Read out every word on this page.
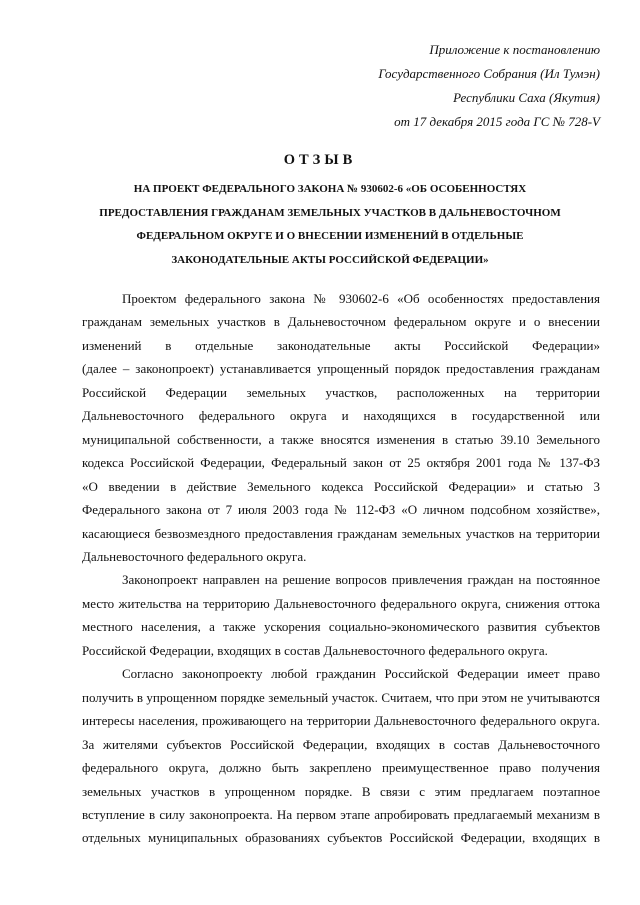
Приложение к постановлению
Государственного Собрания (Ил Тумэн)
Республики Саха (Якутия)
от 17 декабря 2015 года ГС № 728-V
ОТЗЫВ
НА ПРОЕКТ ФЕДЕРАЛЬНОГО ЗАКОНА № 930602-6 «ОБ ОСОБЕННОСТЯХ
ПРЕДОСТАВЛЕНИЯ ГРАЖДАНАМ ЗЕМЕЛЬНЫХ УЧАСТКОВ В ДАЛЬНЕВОСТОЧНОМ
ФЕДЕРАЛЬНОМ ОКРУГЕ И О ВНЕСЕНИИ ИЗМЕНЕНИЙ В ОТДЕЛЬНЫЕ
ЗАКОНОДАТЕЛЬНЫЕ АКТЫ РОССИЙСКОЙ ФЕДЕРАЦИИ»
Проектом федерального закона № 930602-6 «Об особенностях предоставления
гражданам земельных участков в Дальневосточном федеральном округе и о внесении
изменений в отдельные законодательные акты Российской Федерации»
(далее – законопроект) устанавливается упрощенный порядок предоставления гражданам
Российской Федерации земельных участков, расположенных на территории
Дальневосточного федерального округа и находящихся в государственной или
муниципальной собственности, а также вносятся изменения в статью 39.10 Земельного
кодекса Российской Федерации, Федеральный закон от 25 октября 2001 года № 137-ФЗ
«О введении в действие Земельного кодекса Российской Федерации» и статью 3
Федерального закона от 7 июля 2003 года № 112-ФЗ «О личном подсобном хозяйстве»,
касающиеся безвозмездного предоставления гражданам земельных участков на территории
Дальневосточного федерального округа.
Законопроект направлен на решение вопросов привлечения граждан на постоянное
место жительства на территорию Дальневосточного федерального округа, снижения оттока
местного населения, а также ускорения социально-экономического развития субъектов
Российской Федерации, входящих в состав Дальневосточного федерального округа.
Согласно законопроекту любой гражданин Российской Федерации имеет право
получить в упрощенном порядке земельный участок. Считаем, что при этом не учитываются
интересы населения, проживающего на территории Дальневосточного федерального округа.
За жителями субъектов Российской Федерации, входящих в состав Дальневосточного
федерального округа, должно быть закреплено преимущественное право получения
земельных участков в упрощенном порядке. В связи с этим предлагаем поэтапное
вступление в силу законопроекта. На первом этапе апробировать предлагаемый механизм в
отдельных муниципальных образованиях субъектов Российской Федерации, входящих в
